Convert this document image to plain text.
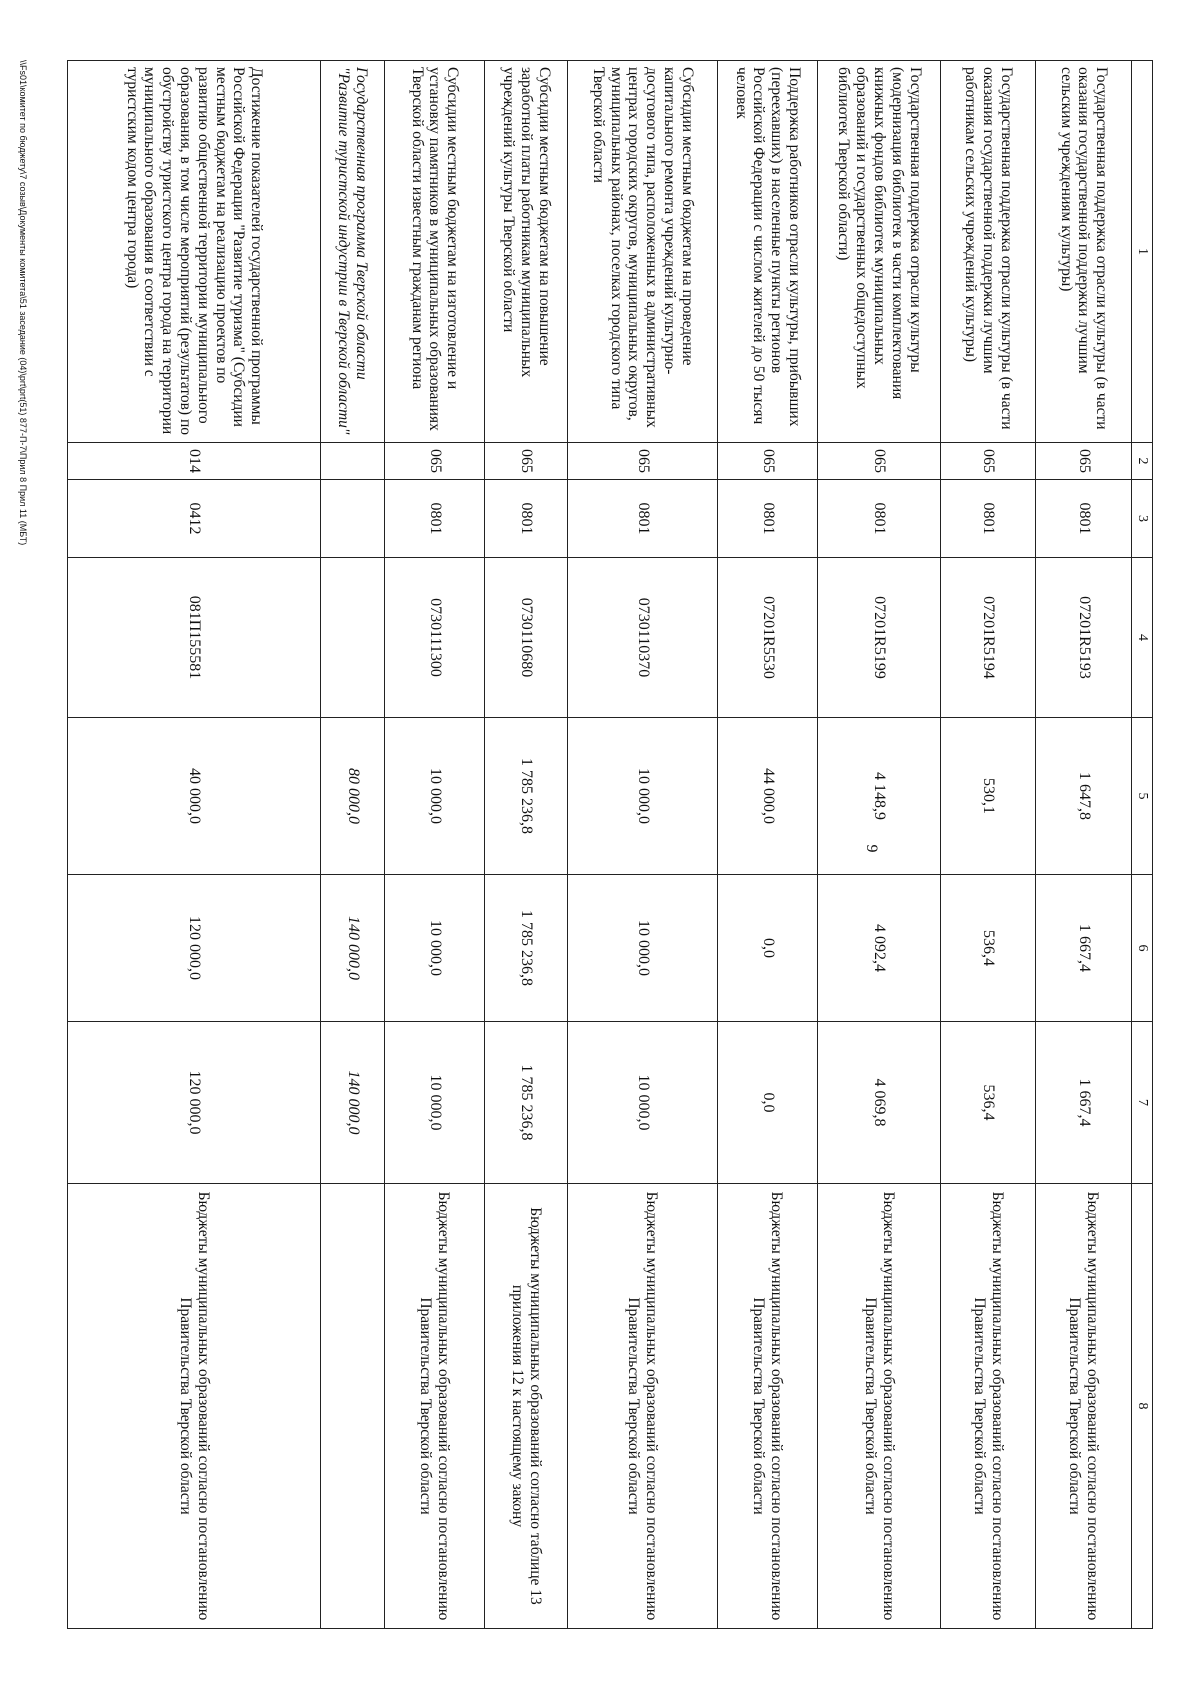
9
1	2	3	4	5	6	7	8
Государственная поддержка отрасли культуры (в части оказания государственной поддержки лучшим сельским учреждениям культуры)	065	0801	07201R5193	1 647,8	1 667,4	1 667,4	Бюджеты муниципальных образований согласно постановлению Правительства Тверской области
Государственная поддержка отрасли культуры (в части оказания государственной поддержки лучшим работникам сельских учреждений культуры)	065	0801	07201R5194	530,1	536,4	536,4	Бюджеты муниципальных образований согласно постановлению Правительства Тверской области
Государственная поддержка отрасли культуры (модернизация библиотек в части комплектования книжных фондов библиотек муниципальных образований и государственных общедоступных библиотек Тверской области)	065	0801	07201R5199	4 148,9	4 092,4	4 069,8	Бюджеты муниципальных образований согласно постановлению Правительства Тверской области
Поддержка работников отрасли культуры, прибывших (переехавших) в населенные пункты регионов Российской Федерации с числом жителей до 50 тысяч человек	065	0801	07201R5530	44 000,0	0,0	0,0	Бюджеты муниципальных образований согласно постановлению Правительства Тверской области
Субсидии местным бюджетам на проведение капитального ремонта учреждений культурно-досугового типа, расположенных в административных центрах городских округов, муниципальных округов, муниципальных районах, поселках городского типа Тверской области	065	0801	0730110370	10 000,0	10 000,0	10 000,0	Бюджеты муниципальных образований согласно постановлению Правительства Тверской области
Субсидии местным бюджетам на повышение заработной платы работникам муниципальных учреждений культуры Тверской области	065	0801	0730110680	1 785 236,8	1 785 236,8	1 785 236,8	Бюджеты муниципальных образований согласно таблице 13 приложения 12 к настоящему закону
Субсидии местным бюджетам на изготовление и установку памятников в муниципальных образованиях Тверской области известным гражданам региона	065	0801	0730111300	10 000,0	10 000,0	10 000,0	Бюджеты муниципальных образований согласно постановлению Правительства Тверской области
Государственная программа Тверской области "Развитие туристской индустрии в Тверской области"				80 000,0	140 000,0	140 000,0	
Достижение показателей государственной программы Российской Федерации "Развитие туризма" (Субсидии местным бюджетам на реализацию проектов по развитию общественной территории муниципального образования, в том числе мероприятий (результатов) по обустройству туристского центра города на территории муниципального образования в соответствии с туристским кодом центра города)	014	0412	081П155581	40 000,0	120 000,0	120 000,0	Бюджеты муниципальных образований согласно постановлению Правительства Тверской области
\\Fs01\комитет по бюджету\7 созыв\Документы комитета\51 заседание (04)\prt\prt(51) 877-П-7\Прил 8 Прил 11 (МБТ)
